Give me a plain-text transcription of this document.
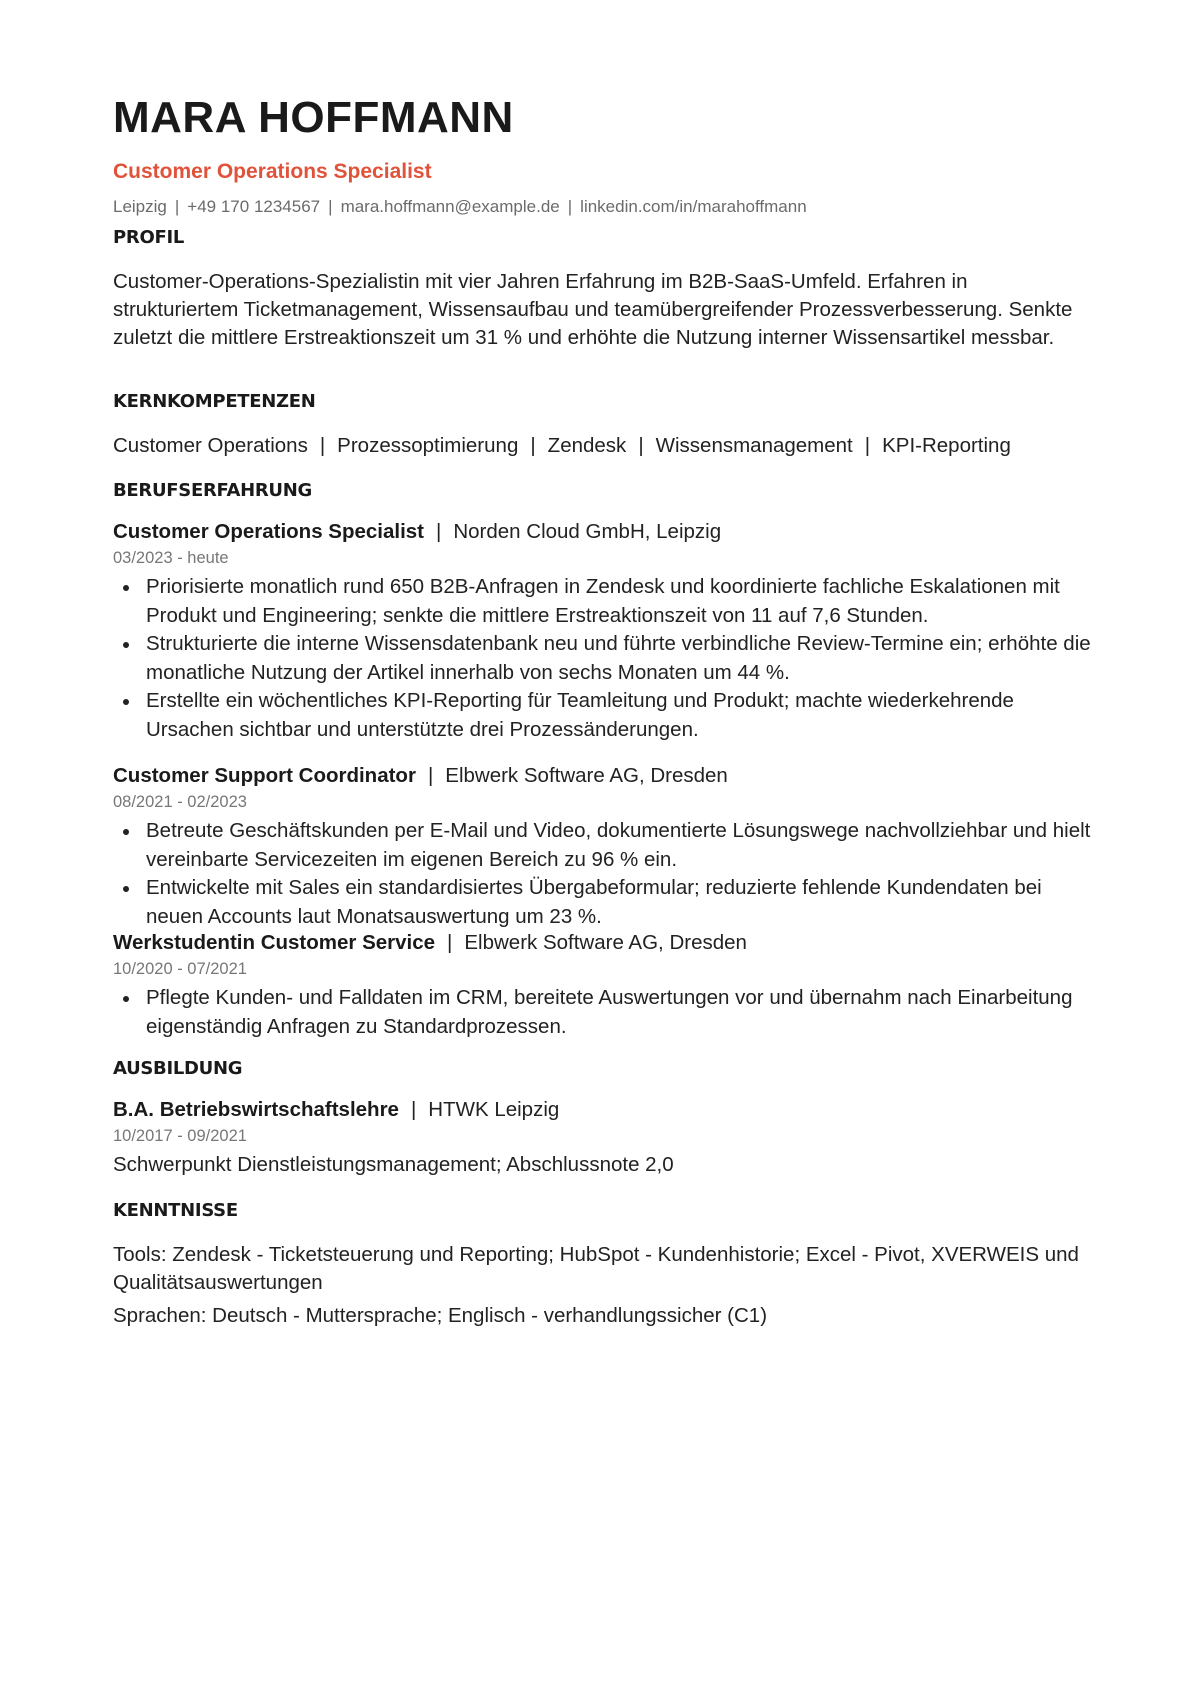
MARA HOFFMANN
Customer Operations Specialist
Leipzig | +49 170 1234567 | mara.hoffmann@example.de | linkedin.com/in/marahoffmann
PROFIL

Customer-Operations-Spezialistin mit vier Jahren Erfahrung im B2B-SaaS-Umfeld. Erfahren in strukturiertem Ticketmanagement, Wissensaufbau und teamübergreifender Prozessverbesserung. Senkte zuletzt die mittlere Erstreaktionszeit um 31 % und erhöhte die Nutzung interner Wissensartikel messbar.

KERNKOMPETENZEN
Customer Operations | Prozessoptimierung | Zendesk | Wissensmanagement | KPI-Reporting
BERUFSERFAHRUNG
Customer Operations Specialist | Norden Cloud GmbH, Leipzig
03/2023 - heute
Priorisierte monatlich rund 650 B2B-Anfragen in Zendesk und koordinierte fachliche Eskalationen mit Produkt und Engineering; senkte die mittlere Erstreaktionszeit von 11 auf 7,6 Stunden.
Strukturierte die interne Wissensdatenbank neu und führte verbindliche Review-Termine ein; erhöhte die monatliche Nutzung der Artikel innerhalb von sechs Monaten um 44 %.
Erstellte ein wöchentliches KPI-Reporting für Teamleitung und Produkt; machte wiederkehrende Ursachen sichtbar und unterstützte drei Prozessänderungen.
Customer Support Coordinator | Elbwerk Software AG, Dresden
08/2021 - 02/2023
Betreute Geschäftskunden per E-Mail und Video, dokumentierte Lösungswege nachvollziehbar und hielt vereinbarte Servicezeiten im eigenen Bereich zu 96 % ein.
Entwickelte mit Sales ein standardisiertes Übergabeformular; reduzierte fehlende Kundendaten bei neuen Accounts laut Monatsauswertung um 23 %.
Werkstudentin Customer Service | Elbwerk Software AG, Dresden
10/2020 - 07/2021
Pflegte Kunden- und Falldaten im CRM, bereitete Auswertungen vor und übernahm nach Einarbeitung eigenständig Anfragen zu Standardprozessen.
AUSBILDUNG
B.A. Betriebswirtschaftslehre | HTWK Leipzig
10/2017 - 09/2021

Schwerpunkt Dienstleistungsmanagement; Abschlussnote 2,0

KENNTNISSE

Tools: Zendesk - Ticketsteuerung und Reporting; HubSpot - Kundenhistorie; Excel - Pivot, XVERWEIS und Qualitätsauswertungen

Sprachen: Deutsch - Muttersprache; Englisch - verhandlungssicher (C1)
